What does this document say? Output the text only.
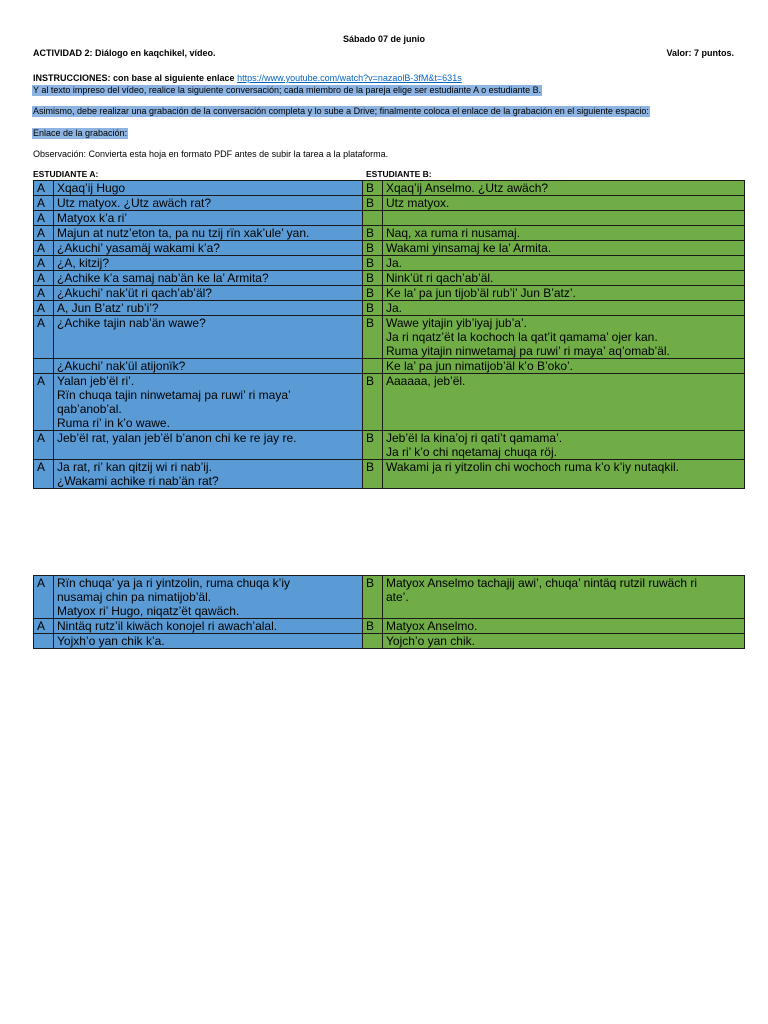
Sábado 07 de junio
ACTIVIDAD 2: Diálogo en kaqchikel, vídeo.	Valor: 7 puntos.
INSTRUCCIONES: con base al siguiente enlace https://www.youtube.com/watch?v=nazaolB-3fM&t=631s
Y al texto impreso del vídeo, realice la siguiente conversación; cada miembro de la pareja elige ser estudiante A o estudiante B.
Asimismo, debe realizar una grabación de la conversación completa y lo sube a Drive; finalmente coloca el enlace de la grabación en el siguiente espacio:
Enlace de la grabación:
Observación: Convierta esta hoja en formato PDF antes de subir la tarea a la plataforma.
ESTUDIANTE A:	ESTUDIANTE B:
A	Xqaq’ij Hugo	B	Xqaq’ij Anselmo. ¿Utz awäch?

A	Utz matyox. ¿Utz awäch rat?	B	Utz matyox.

A	Matyox k’a ri’		

A	Majun at nutz’eton ta, pa nu tzij rïn xak’ule’ yan.	B	Naq, xa ruma ri nusamaj.

A	¿Akuchi’ yasamäj wakami k’a?	B	Wakami yinsamaj ke la’ Armita.

A	¿A, kitzij?	B	Ja.

A	¿Achike k’a samaj nab’än ke la’ Armita?	B	Nink’üt ri qach’ab’äl.

A	¿Akuchi’ nak’üt ri qach’ab’äl?	B	Ke la’ pa jun tijob’äl rub’i’ Jun B’atz’.

A	A, Jun B’atz’ rub’i’?	B	Ja.

A	¿Achike tajin nab’än wawe?	B	Wawe yitajin yib’iyaj jub’a’.
Ja ri nqatz’ët la kochoch la qat’it qamama’ ojer kan.
Ruma yitajin ninwetamaj pa ruwi’ ri maya’ aq’omab’äl.

	¿Akuchi’ nak’ül atijonïk?		Ke la’ pa jun nimatijob’äl k’o B’oko’.

A	Yalan jeb’ël ri’.
Rïn chuqa tajin ninwetamaj pa ruwi’ ri maya’
qab’anob’al.
Ruma ri’ in k’o wawe.	B	Aaaaaa, jeb’ël.

A	Jeb’ël rat, yalan jeb’ël b’anon chi ke re jay re.	B	Jeb’ël la kina’oj ri qati’t qamama’.
Ja ri’ k’o chi nqetamaj chuqa röj.

A	Ja rat, ri’ kan qitzij wi ri nab’ij.
¿Wakami achike ri nab’än rat?	B	Wakami ja ri yitzolin chi wochoch ruma k’o k’iy nutaqkil.
A	Rïn chuqa’ ya ja ri yintzolin, ruma chuqa k’iy
nusamaj chin pa nimatijob’äl.
Matyox ri’ Hugo, niqatz’ët qawäch.	B	Matyox Anselmo tachajij awi’, chuqa’ nintäq rutzil ruwäch ri
ate’.

A	Nintäq rutz’il kiwäch konojel ri awach’alal.	B	Matyox Anselmo.

	Yojxh’o yan chik k’a.		Yojch’o yan chik.
